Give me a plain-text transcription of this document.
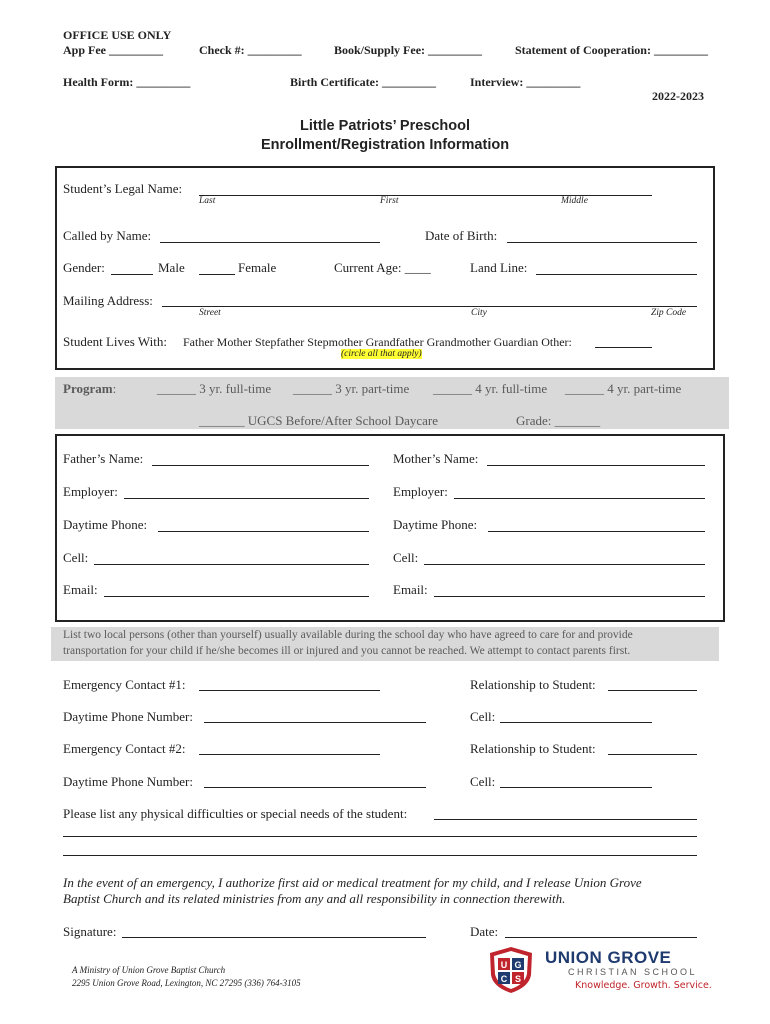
OFFICE USE ONLY
App Fee _________	Check #: _________	Book/Supply Fee: _________	Statement of Cooperation: _________
Health Form: _________	Birth Certificate: _________	Interview: _________
2022-2023
Little Patriots’ Preschool
Enrollment/Registration Information
Student’s Legal Name:
Last	First	Middle
Called by Name:	Date of Birth:
Gender:	Male	Female	Current Age: ____	Land Line:
Mailing Address:
Street	City	Zip Code
Student Lives With: Father Mother Stepfather Stepmother Grandfather Grandmother Guardian Other:
(circle all that apply)
Program:	______ 3 yr. full-time ______ 3 yr. part-time ______ 4 yr. full-time ______ 4 yr. part-time
_______ UGCS Before/After School Daycare	Grade: _______
Father’s Name:	Mother’s Name:
Employer:	Employer:
Daytime Phone:	Daytime Phone:
Cell:	Cell:
Email:	Email:
List two local persons (other than yourself) usually available during the school day who have agreed to care for and provide
transportation for your child if he/she becomes ill or injured and you cannot be reached. We attempt to contact parents first.
Emergency Contact #1:	Relationship to Student:
Daytime Phone Number:	Cell:
Emergency Contact #2:	Relationship to Student:
Daytime Phone Number:	Cell:
Please list any physical difficulties or special needs of the student:
In the event of an emergency, I authorize first aid or medical treatment for my child, and I release Union Grove
Baptist Church and its related ministries from any and all responsibility in connection therewith.
Signature:	Date:
A Ministry of Union Grove Baptist Church
2295 Union Grove Road, Lexington, NC 27295 (336) 764-3105
U G
C S
UNION GROVE
CHRISTIAN SCHOOL
Knowledge. Growth. Service.
